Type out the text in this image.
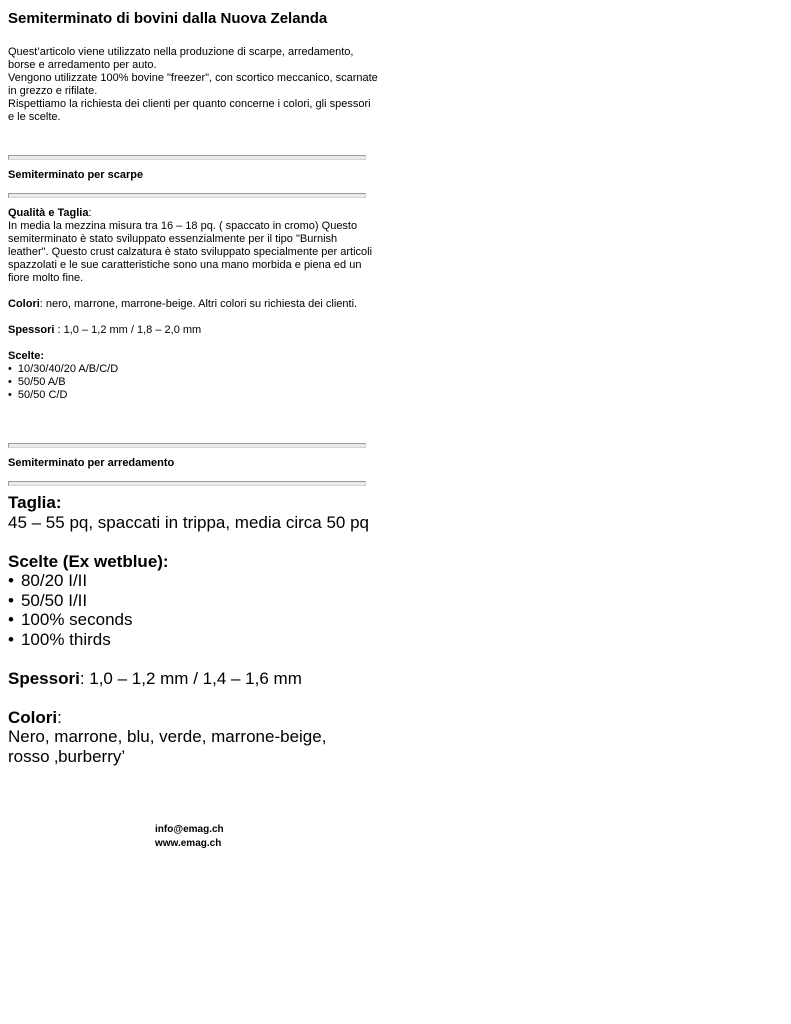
Semiterminato di bovini dalla Nuova Zelanda

Quest’articolo viene utilizzato nella produzione di scarpe, arredamento, borse e arredamento per auto.

Vengono utilizzate 100% bovine "freezer", con scortico meccanico, scarnate in grezzo e rifilate.

Rispettiamo la richiesta dei clienti per quanto concerne i colori, gli spessori e le scelte.

Semiterminato per scarpe

Qualità e Taglia:

In media la mezzina misura tra 16 – 18 pq. ( spaccato in cromo) Questo semiterminato è stato sviluppato essenzialmente per il tipo "Burnish leather". Questo crust calzatura è stato sviluppato specialmente per articoli spazzolati e le sue caratteristiche sono una mano morbida e piena ed un fiore molto fine.

Colori: nero, marrone, marrone-beige. Altri colori su richiesta dei clienti.

Spessori : 1,0 – 1,2 mm / 1,8 – 2,0 mm

Scelte:

• 10/30/40/20 A/B/C/D
• 50/50 A/B
• 50/50 C/D
Semiterminato per arredamento

Taglia:

45 – 55 pq, spaccati in trippa, media circa 50 pq

Scelte (Ex wetblue):

• 80/20 I/II
• 50/50 I/II
• 100% seconds
• 100% thirds

Spessori: 1,0 – 1,2 mm / 1,4 – 1,6 mm

Colori:

Nero, marrone, blu, verde, marrone-beige,

rosso ‚burberry’

info@emag.ch
www.emag.ch
